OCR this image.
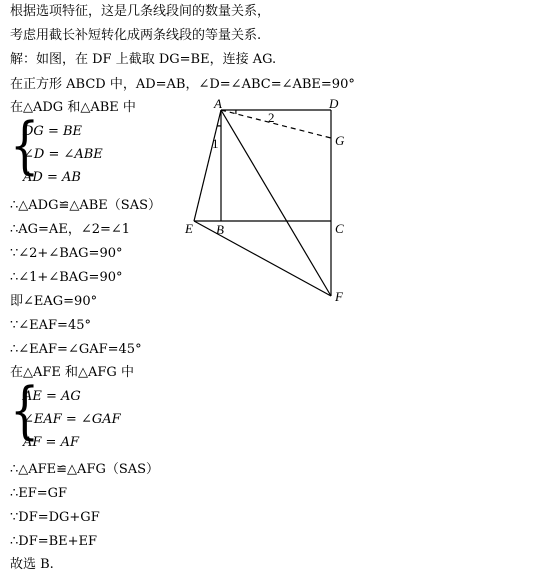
根据选项特征，这是几条线段间的数量关系，
考虑用截长补短转化成两条线段的等量关系.
解：如图，在 DF 上截取 DG=BE，连接 AG.
在正方形 ABCD 中，AD=AB，∠D=∠ABC=∠ABE=90°
在△ADG 和△ABE 中
{
DG = BE
∠D = ∠ABE
AD = AB
∴△ADG≌△ABE（SAS）
∴AG=AE，∠2=∠1
∵∠2+∠BAG=90°
∴∠1+∠BAG=90°
即∠EAG=90°
∵∠EAF=45°
∴∠EAF=∠GAF=45°
在△AFE 和△AFG 中
{
AE = AG
∠EAF = ∠GAF
AF = AF
∴△AFE≌△AFG（SAS）
∴EF=GF
∵DF=DG+GF
∴DF=BE+EF
故选 B.
A	D
G
C
E B
F
1
2
